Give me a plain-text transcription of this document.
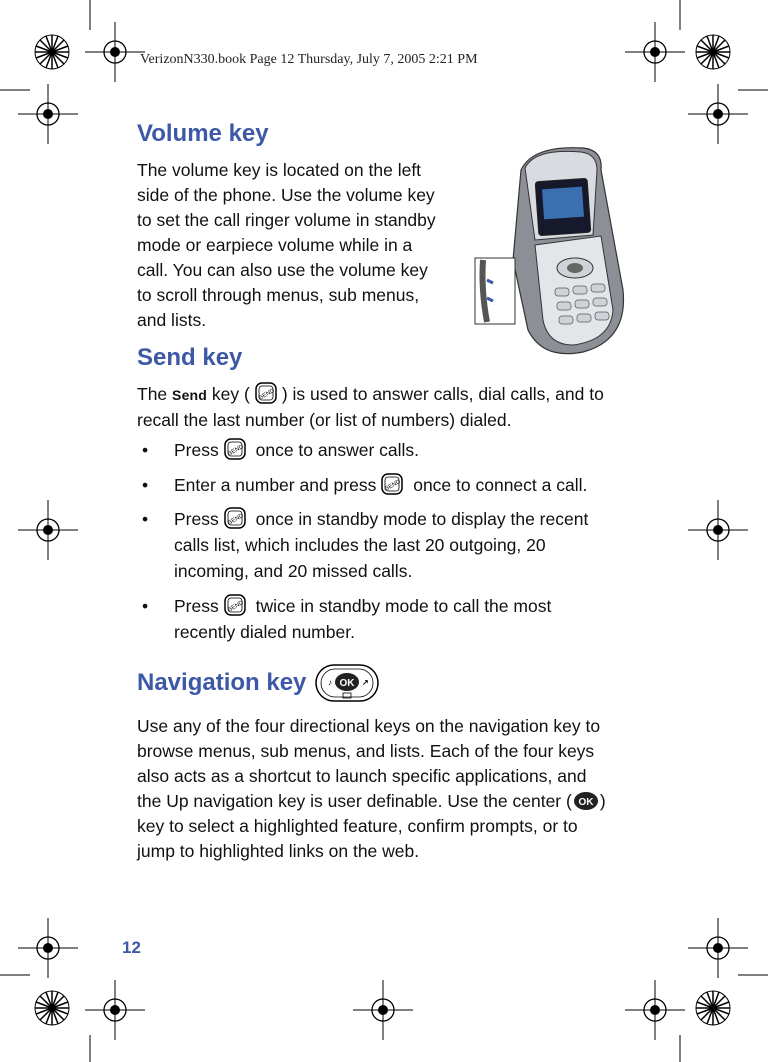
VerizonN330.book Page 12 Thursday, July 7, 2005 2:21 PM
Volume key
The volume key is located on the left
side of the phone. Use the volume key
to set the call ringer volume in standby
mode or earpiece volume while in a
call. You can also use the volume key
to scroll through menus, sub menus,
and lists.
Send key
The Send key ( SEND ) is used to answer calls, dial calls, and to
recall the last number (or list of numbers) dialed.
• Press SEND once to answer calls.
• Enter a number and press SEND once to connect a call.
• Press SEND once in standby mode to display the recent
calls list, which includes the last 20 outgoing, 20
incoming, and 20 missed calls.
• Press SEND twice in standby mode to call the most
recently dialed number.
Navigation key	OK
♪	↗
Use any of the four directional keys on the navigation key to
browse menus, sub menus, and lists. Each of the four keys
also acts as a shortcut to launch specific applications, and
the Up navigation key is user definable. Use the center ( OK )
key to select a highlighted feature, confirm prompts, or to
jump to highlighted links on the web.
12
